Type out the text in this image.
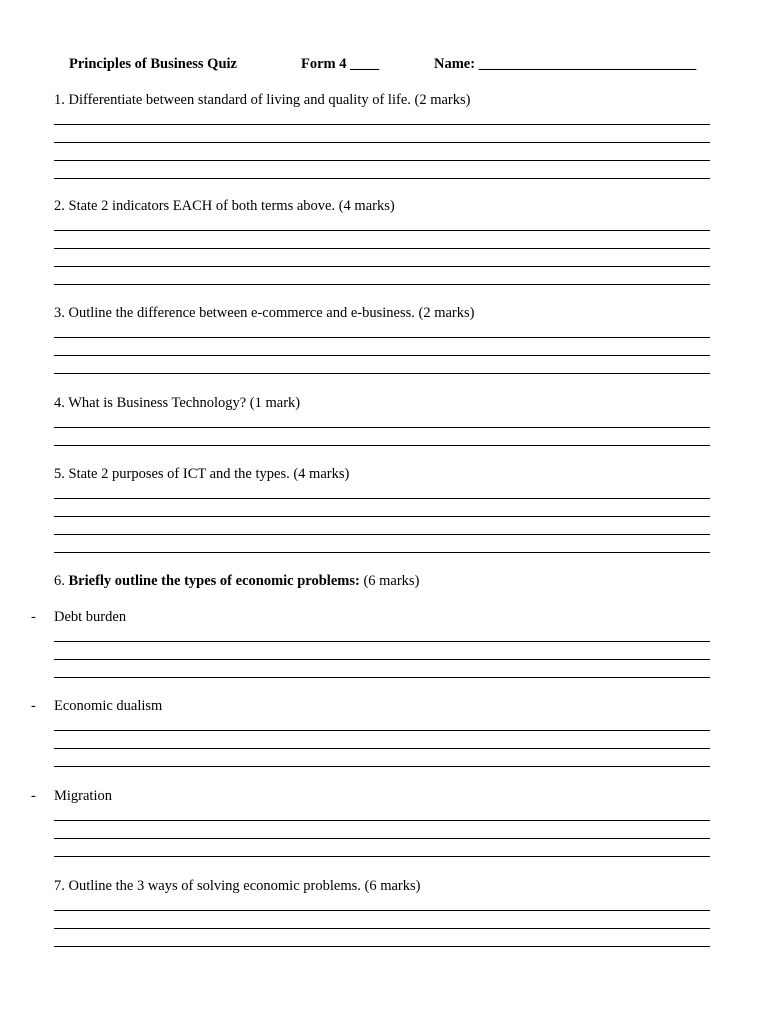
Principles of Business Quiz	Form 4 ____	Name: ______________________________
1. Differentiate between standard of living and quality of life. (2 marks)
2. State 2 indicators EACH of both terms above. (4 marks)
3. Outline the difference between e-commerce and e-business. (2 marks)
4. What is Business Technology? (1 mark)
5. State 2 purposes of ICT and the types. (4 marks)
6. Briefly outline the types of economic problems: (6 marks)
- Debt burden
- Economic dualism
- Migration
7. Outline the 3 ways of solving economic problems. (6 marks)
